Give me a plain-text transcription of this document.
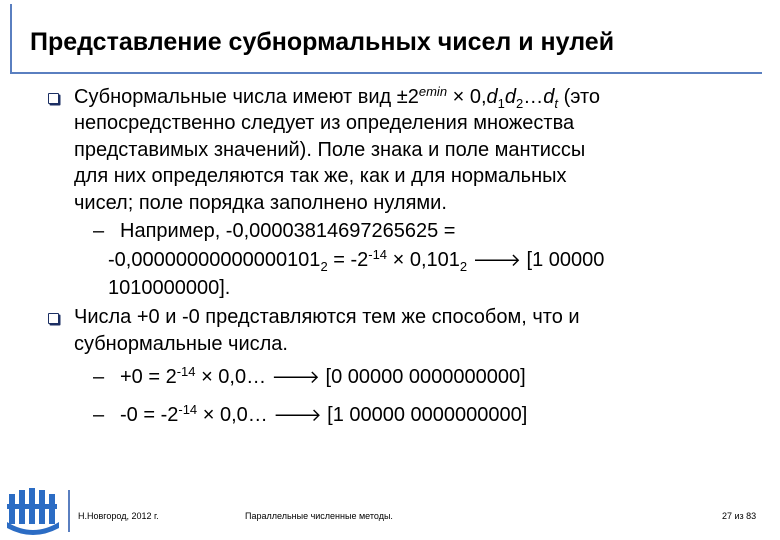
Представление субнормальных чисел и нулей
Субнормальные числа имеют вид $\pm 2^{emin}$ × $0,d_1d_2\dots d_t$ (это
непосредственно следует из определения множества
представимых значений). Поле знака и поле мантиссы
для них определяются так же, как и для нормальных
чисел; поле порядка заполнено нулями.
– Например, -0,00003814697265625 =
$-0,00000000000000101_2 = -2^{-14} \times 0,101_2$ 🡒 [1 00000
1010000000].
Числа +0 и -0 представляются тем же способом, что и
субнормальные числа.
– $+0 = 2^{-14}$ × 0,0… 🡒 [0 00000 0000000000]
– $-0 = -2^{-14}$ × 0,0… 🡒 [1 00000 0000000000]
Н.Новгород, 2012 г.	Параллельные численные методы.	27 из 83
